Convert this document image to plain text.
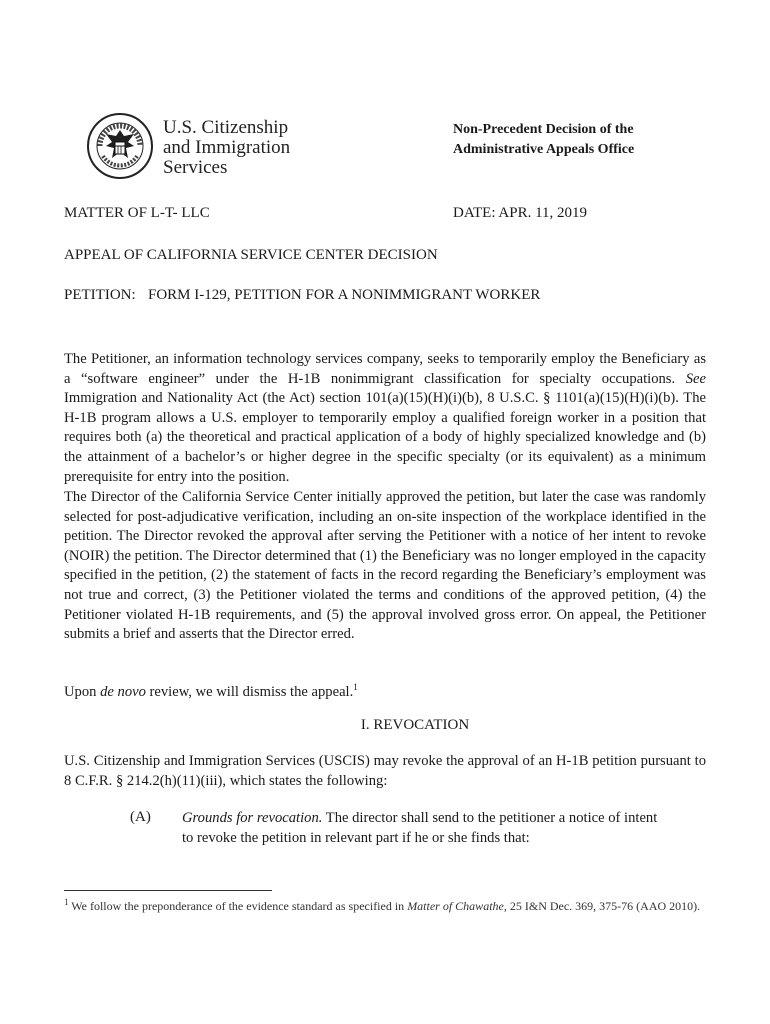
U.S. Citizenship
and Immigration
Services
Non-Precedent Decision of the
Administrative Appeals Office
MATTER OF L-T- LLC	DATE: APR. 11, 2019
APPEAL OF CALIFORNIA SERVICE CENTER DECISION
PETITION: FORM I-129, PETITION FOR A NONIMMIGRANT WORKER

The Petitioner, an information technology services company, seeks to temporarily employ the Beneficiary as a “software engineer” under the H-1B nonimmigrant classification for specialty occupations. See Immigration and Nationality Act (the Act) section 101(a)(15)(H)(i)(b), 8 U.S.C. § 1101(a)(15)(H)(i)(b). The H-1B program allows a U.S. employer to temporarily employ a qualified foreign worker in a position that requires both (a) the theoretical and practical application of a body of highly specialized knowledge and (b) the attainment of a bachelor’s or higher degree in the specific specialty (or its equivalent) as a minimum prerequisite for entry into the position.

The Director of the California Service Center initially approved the petition, but later the case was randomly selected for post-adjudicative verification, including an on-site inspection of the workplace identified in the petition. The Director revoked the approval after serving the Petitioner with a notice of her intent to revoke (NOIR) the petition. The Director determined that (1) the Beneficiary was no longer employed in the capacity specified in the petition, (2) the statement of facts in the record regarding the Beneficiary’s employment was not true and correct, (3) the Petitioner violated the terms and conditions of the approved petition, (4) the Petitioner violated H-1B requirements, and (5) the approval involved gross error. On appeal, the Petitioner submits a brief and asserts that the Director erred.

Upon de novo review, we will dismiss the appeal.$^1$

I. REVOCATION

U.S. Citizenship and Immigration Services (USCIS) may revoke the approval of an H-1B petition pursuant to 8 C.F.R. § 214.2(h)(11)(iii), which states the following:

(A) Grounds for revocation. The director shall send to the petitioner a notice of intent to revoke the petition in relevant part if he or she finds that:

$^1$ We follow the preponderance of the evidence standard as specified in Matter of Chawathe, 25 I&N Dec. 369, 375-76 (AAO 2010).
